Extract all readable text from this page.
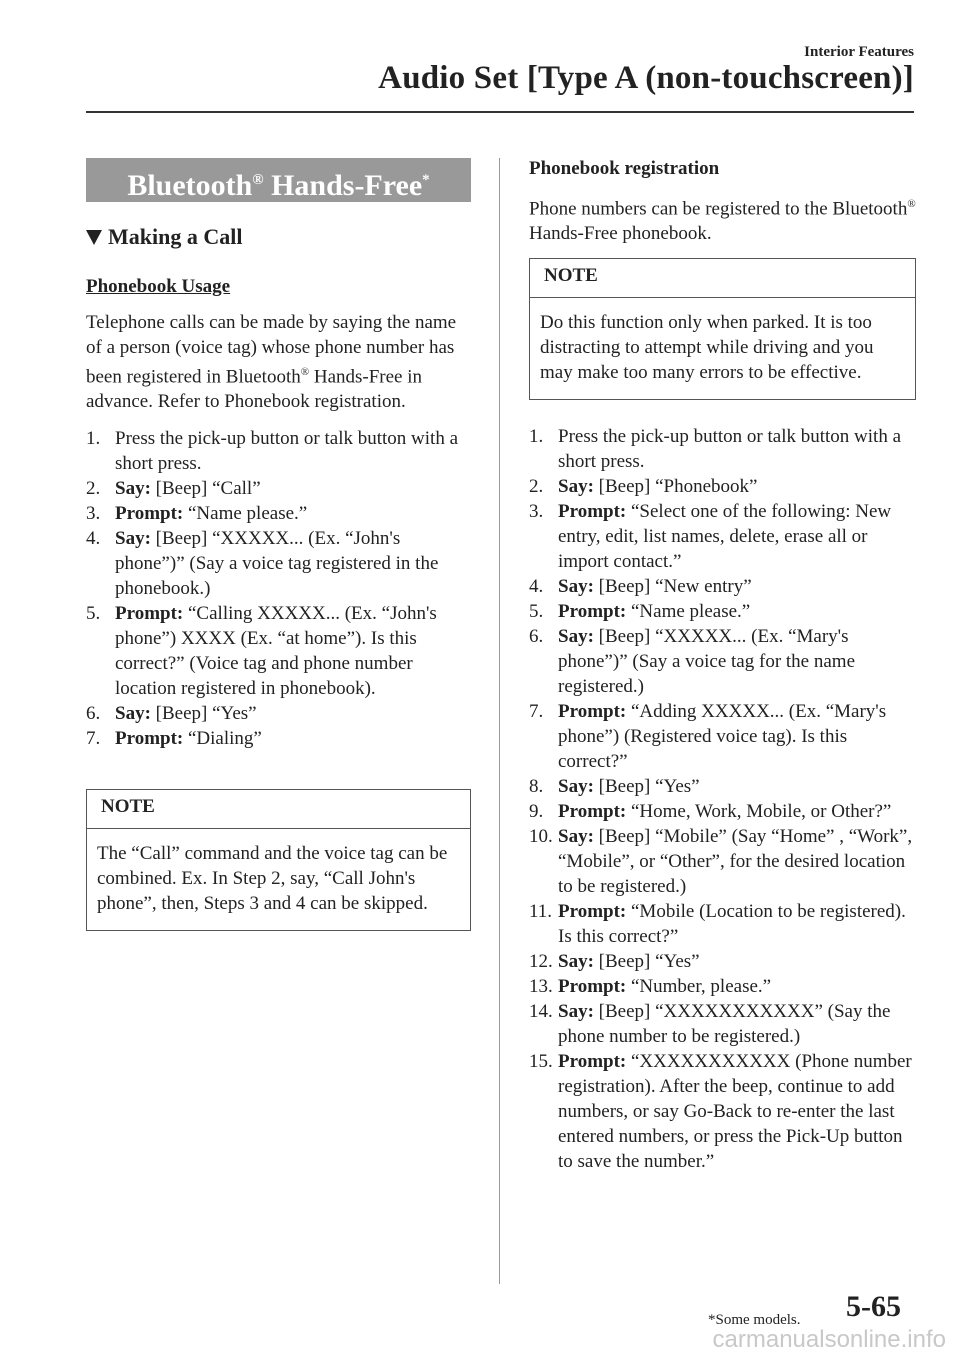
Interior Features
Audio Set [Type A (non-touchscreen)]
Bluetooth® Hands-Free*
Making a Call
Phonebook Usage

Telephone calls can be made by saying the name of a person (voice tag) whose phone number has been registered in Bluetooth® Hands-Free in advance. Refer to Phonebook registration.

1. Press the pick-up button or talk button with a short press.
2. Say: [Beep] “Call”
3. Prompt: “Name please.”
4. Say: [Beep] “XXXXX... (Ex. “John's phone”)” (Say a voice tag registered in the phonebook.)
5. Prompt: “Calling XXXXX... (Ex. “John's phone”) XXXX (Ex. “at home”). Is this correct?” (Voice tag and phone number location registered in phonebook).
6. Say: [Beep] “Yes”
7. Prompt: “Dialing”
NOTE
The “Call” command and the voice tag can be combined. Ex. In Step 2, say, “Call John's phone”, then, Steps 3 and 4 can be skipped.
Phonebook registration

Phone numbers can be registered to the Bluetooth® Hands-Free phonebook.

NOTE
Do this function only when parked. It is too distracting to attempt while driving and you may make too many errors to be effective.
1. Press the pick-up button or talk button with a short press.
2. Say: [Beep] “Phonebook”
3. Prompt: “Select one of the following: New entry, edit, list names, delete, erase all or import contact.”
4. Say: [Beep] “New entry”
5. Prompt: “Name please.”
6. Say: [Beep] “XXXXX... (Ex. “Mary's phone”)” (Say a voice tag for the name registered.)
7. Prompt: “Adding XXXXX... (Ex. “Mary's phone”) (Registered voice tag). Is this correct?”
8. Say: [Beep] “Yes”
9. Prompt: “Home, Work, Mobile, or Other?”
10. Say: [Beep] “Mobile” (Say “Home” , “Work”, “Mobile”, or “Other”, for the desired location to be registered.)
11. Prompt: “Mobile (Location to be registered). Is this correct?”
12. Say: [Beep] “Yes”
13. Prompt: “Number, please.”
14. Say: [Beep] “XXXXXXXXXXX” (Say the phone number to be registered.)
15. Prompt: “XXXXXXXXXXX (Phone number registration). After the beep, continue to add numbers, or say Go-Back to re-enter the last entered numbers, or press the Pick-Up button to save the number.”
*Some models. 5-65
carmanualsonline.info
